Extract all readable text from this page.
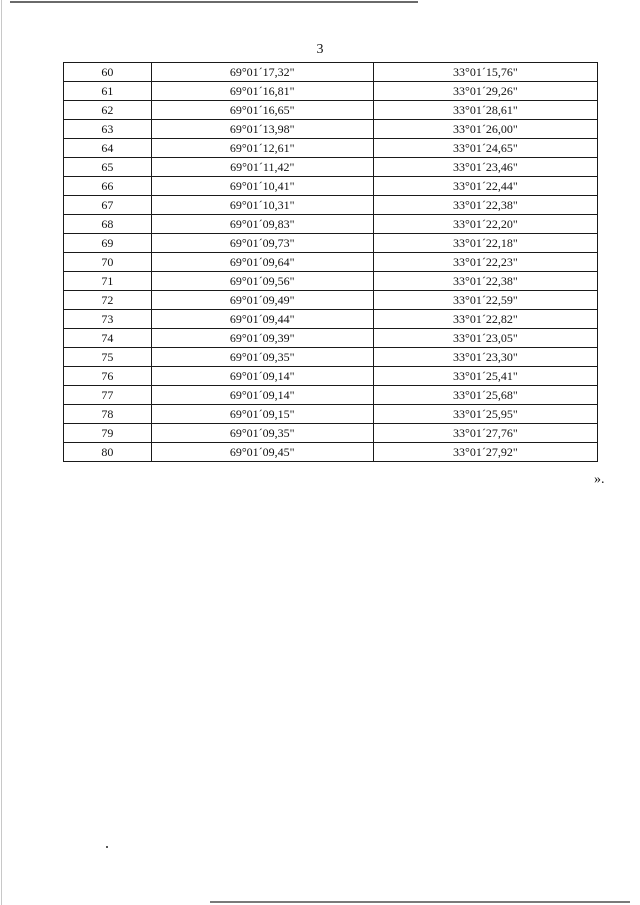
3
60	69°01´17,32"	33°01´15,76"
61	69°01´16,81"	33°01´29,26"
62	69°01´16,65"	33°01´28,61"
63	69°01´13,98"	33°01´26,00"
64	69°01´12,61"	33°01´24,65"
65	69°01´11,42"	33°01´23,46"
66	69°01´10,41"	33°01´22,44"
67	69°01´10,31"	33°01´22,38"
68	69°01´09,83"	33°01´22,20"
69	69°01´09,73"	33°01´22,18"
70	69°01´09,64"	33°01´22,23"
71	69°01´09,56"	33°01´22,38"
72	69°01´09,49"	33°01´22,59"
73	69°01´09,44"	33°01´22,82"
74	69°01´09,39"	33°01´23,05"
75	69°01´09,35"	33°01´23,30"
76	69°01´09,14"	33°01´25,41"
77	69°01´09,14"	33°01´25,68"
78	69°01´09,15"	33°01´25,95"
79	69°01´09,35"	33°01´27,76"
80	69°01´09,45"	33°01´27,92"
».
